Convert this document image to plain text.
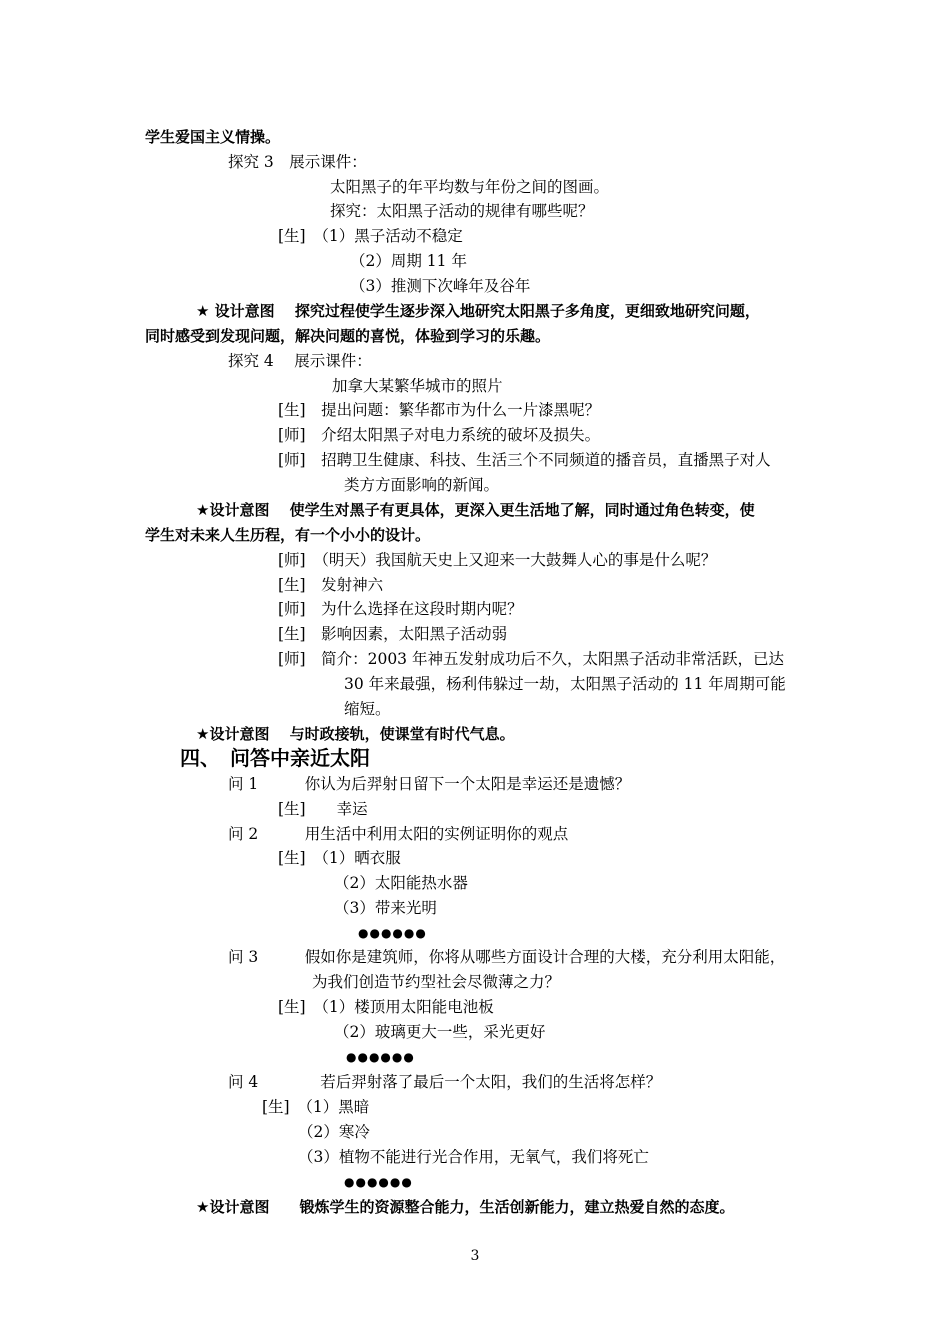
学生爱国主义情操。
探究 3　展示课件：
太阳黑子的年平均数与年份之间的图画。
探究：太阳黑子活动的规律有哪些呢？
[生]　（1）黑子活动不稳定
（2）周期 11 年
（3）推测下次峰年及谷年
★ 设计意图　 探究过程使学生逐步深入地研究太阳黑子多角度，更细致地研究问题，
同时感受到发现问题，解决问题的喜悦，体验到学习的乐趣。
探究 4　 展示课件：
加拿大某繁华城市的照片
[生]　提出问题：繁华都市为什么一片漆黑呢？
[师]　介绍太阳黑子对电力系统的破坏及损失。
[师]　招聘卫生健康、科技、生活三个不同频道的播音员，直播黑子对人
类方方面影响的新闻。
★设计意图　 使学生对黑子有更具体，更深入更生活地了解，同时通过角色转变，使
学生对未来人生历程，有一个小小的设计。
[师]　（明天）我国航天史上又迎来一大鼓舞人心的事是什么呢？
[生]　发射神六
[师]　为什么选择在这段时期内呢？
[生]　影响因素，太阳黑子活动弱
[师]　简介：2003 年神五发射成功后不久，太阳黑子活动非常活跃，已达
30 年来最强，杨利伟躲过一劫，太阳黑子活动的 11 年周期可能
缩短。
★设计意图　 与时政接轨，使课堂有时代气息。
四、　问答中亲近太阳
问 1　　　你认为后羿射日留下一个太阳是幸运还是遗憾？
[生]　　幸运
问 2　　　用生活中利用太阳的实例证明你的观点
[生]　（1）晒衣服
（2）太阳能热水器
（3）带来光明
●●●●●●
问 3　　　假如你是建筑师，你将从哪些方面设计合理的大楼，充分利用太阳能，
为我们创造节约型社会尽微薄之力？
[生]　（1）楼顶用太阳能电池板
（2）玻璃更大一些，采光更好
●●●●●●
问 4　　　　若后羿射落了最后一个太阳，我们的生活将怎样？
[生]　（1）黑暗
（2）寒冷
（3）植物不能进行光合作用，无氧气，我们将死亡
●●●●●●
★设计意图　　锻炼学生的资源整合能力，生活创新能力，建立热爱自然的态度。
3
